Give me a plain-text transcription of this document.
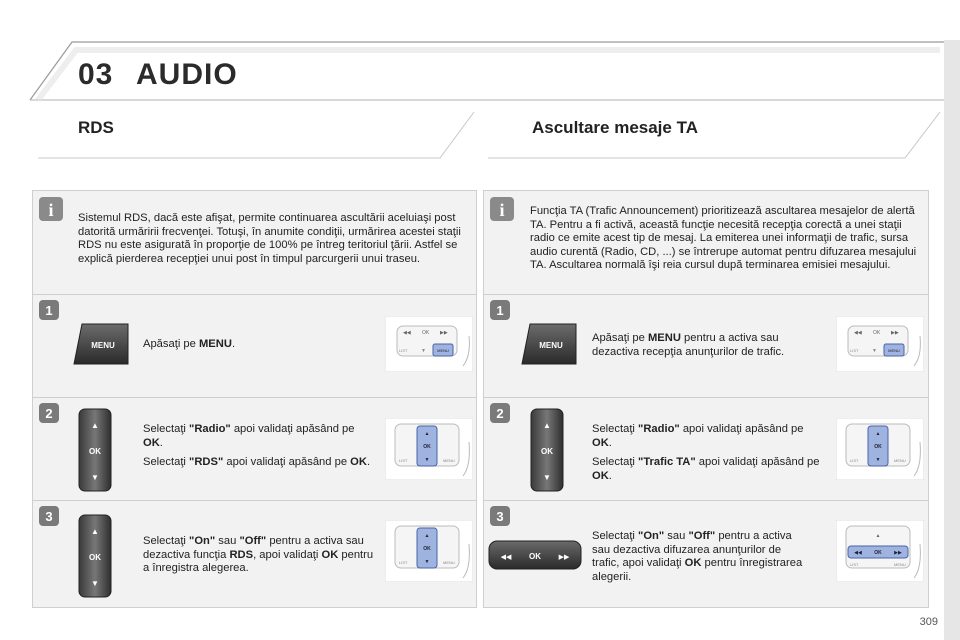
03 AUDIO
RDS	Ascultare mesaje TA
i	i
Sistemul RDS, dacă este afişat, permite continuarea ascultării aceluiaşi post datorită urmăririi frecvenţei. Totuşi, în anumite condiţii, urmărirea acestei staţii RDS nu este asigurată în proporţie de 100% pe întreg teritoriul ţării. Astfel se explică pierderea recepţiei unui post în timpul parcurgerii unui traseu.
Funcţia TA (Trafic Announcement) prioritizează ascultarea mesajelor de alertă TA. Pentru a fi activă, această funcţie necesită recepţia corectă a unei staţii radio ce emite acest tip de mesaj. La emiterea unei informaţii de trafic, sursa audio curentă (Radio, CD, ...) se întrerupe automat pentru difuzarea mesajului TA. Ascultarea normală îşi reia cursul după terminarea emisiei mesajului.
1
2
3
1
2
3
MENU	Apăsaţi pe MENU.
◀◀ OK ▶▶
LIST	▼	MENU
▲
OK
▼

Selectaţi "Radio" apoi validaţi apăsând pe OK.

Selectaţi "RDS" apoi validaţi apăsând pe OK.

▲
OK
▼
LIST	MENU
▲
OK
▼
Selectaţi "On" sau "Off" pentru a activa sau dezactiva funcţia RDS, apoi validaţi OK pentru a înregistra alegerea.
▲
OK
▼
LIST	MENU
MENU
Apăsaţi pe MENU pentru a activa sau dezactiva recepţia anunţurilor de trafic.
◀◀ OK ▶▶
LIST	▼	MENU
▲
OK
▼

Selectaţi "Radio" apoi validaţi apăsând pe OK.

Selectaţi "Trafic TA" apoi validaţi apăsând pe OK.

▲
OK
▼
LIST	MENU
◀◀ OK	▶▶
Selectaţi "On" sau "Off" pentru a activa sau dezactiva difuzarea anunţurilor de trafic, apoi validaţi OK pentru înregistrarea alegerii.
◀◀ OK ▶▶
▲
LIST	MENU
309
